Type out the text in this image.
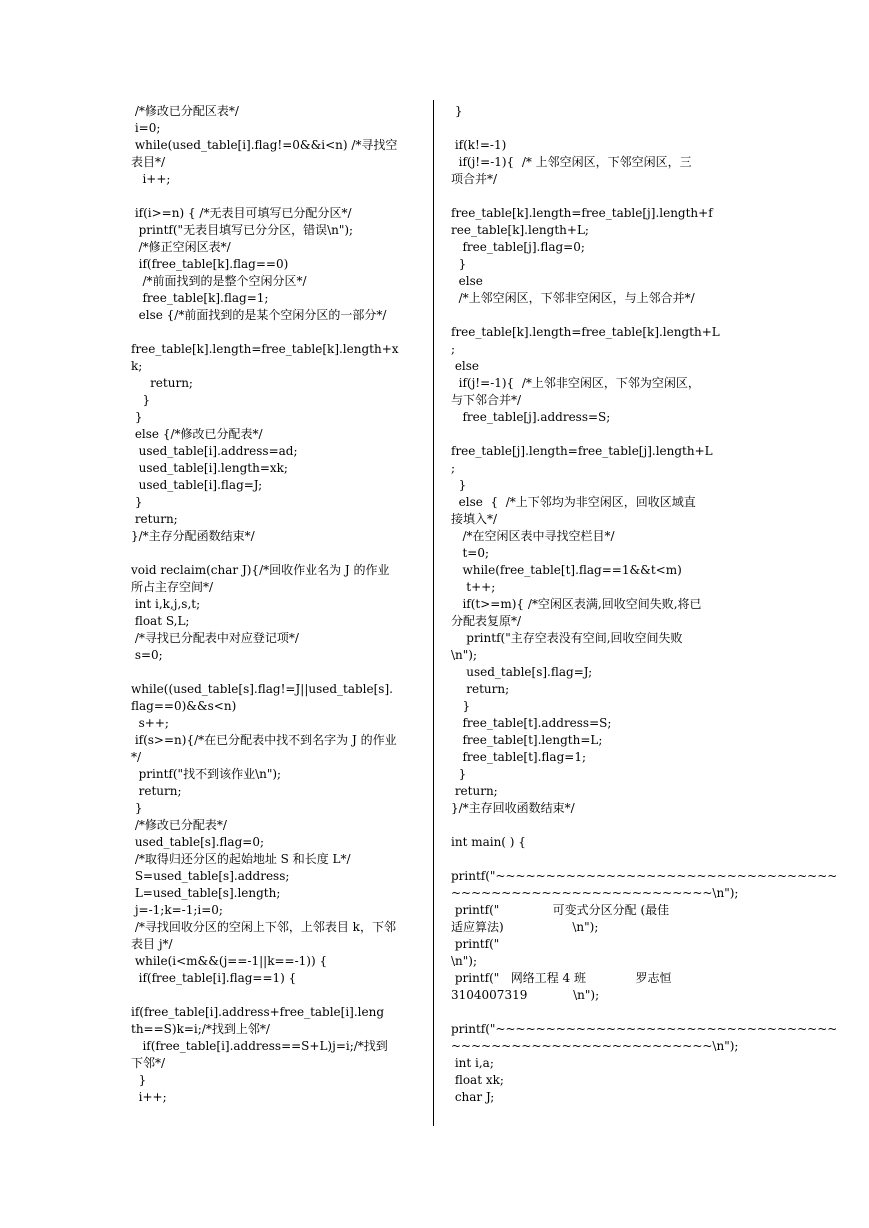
/*修改已分配区表*/
i=0;
while(used_table[i].flag!=0&&i<n) /*寻找空
表目*/
i++;
if(i>=n) { /*无表目可填写已分配分区*/
printf("无表目填写已分分区，错误\n");
/*修正空闲区表*/
if(free_table[k].flag==0)
/*前面找到的是整个空闲分区*/
free_table[k].flag=1;
else {/*前面找到的是某个空闲分区的一部分*/
free_table[k].length=free_table[k].length+x
k;
return;
}
}
else {/*修改已分配表*/
used_table[i].address=ad;
used_table[i].length=xk;
used_table[i].flag=J;
}
return;
}/*主存分配函数结束*/
void reclaim(char J){/*回收作业名为 J 的作业
所占主存空间*/
int i,k,j,s,t;
float S,L;
/*寻找已分配表中对应登记项*/
s=0;
while((used_table[s].flag!=J||used_table[s].
flag==0)&&s<n)
s++;
if(s>=n){/*在已分配表中找不到名字为 J 的作业
*/
printf("找不到该作业\n");
return;
}
/*修改已分配表*/
used_table[s].flag=0;
/*取得归还分区的起始地址 S 和长度 L*/
S=used_table[s].address;
L=used_table[s].length;
j=-1;k=-1;i=0;
/*寻找回收分区的空闲上下邻，上邻表目 k，下邻
表目 j*/
while(i<m&&(j==-1||k==-1)) {
if(free_table[i].flag==1) {
if(free_table[i].address+free_table[i].leng
th==S)k=i;/*找到上邻*/
if(free_table[i].address==S+L)j=i;/*找到
下邻*/
}
i++;
}
if(k!=-1)
if(j!=-1){  /* 上邻空闲区，下邻空闲区，三
项合并*/
free_table[k].length=free_table[j].length+f
ree_table[k].length+L;
free_table[j].flag=0;
}
else
/*上邻空闲区，下邻非空闲区，与上邻合并*/
free_table[k].length=free_table[k].length+L
;
else
if(j!=-1){  /*上邻非空闲区，下邻为空闲区，
与下邻合并*/
free_table[j].address=S;
free_table[j].length=free_table[j].length+L
;
}
else  {  /*上下邻均为非空闲区，回收区域直
接填入*/
/*在空闲区表中寻找空栏目*/
t=0;
while(free_table[t].flag==1&&t<m)
t++;
if(t>=m){ /*空闲区表满,回收空间失败,将已
分配表复原*/
printf("主存空表没有空间,回收空间失败
\n");
used_table[s].flag=J;
return;
}
free_table[t].address=S;
free_table[t].length=L;
free_table[t].flag=1;
}
return;
}/*主存回收函数结束*/
int main( ) {
printf("~~~~~~~~~~~~~~~~~~~~~~~~~~~~~~~~~~
~~~~~~~~~~~~~~~~~~~~~~~~~~\n");
printf("              可变式分区分配 (最佳
适应算法)                  \n");
printf("
\n");
printf("   网络工程 4 班             罗志恒
3104007319            \n");
printf("~~~~~~~~~~~~~~~~~~~~~~~~~~~~~~~~~~
~~~~~~~~~~~~~~~~~~~~~~~~~~\n");
int i,a;
float xk;
char J;
